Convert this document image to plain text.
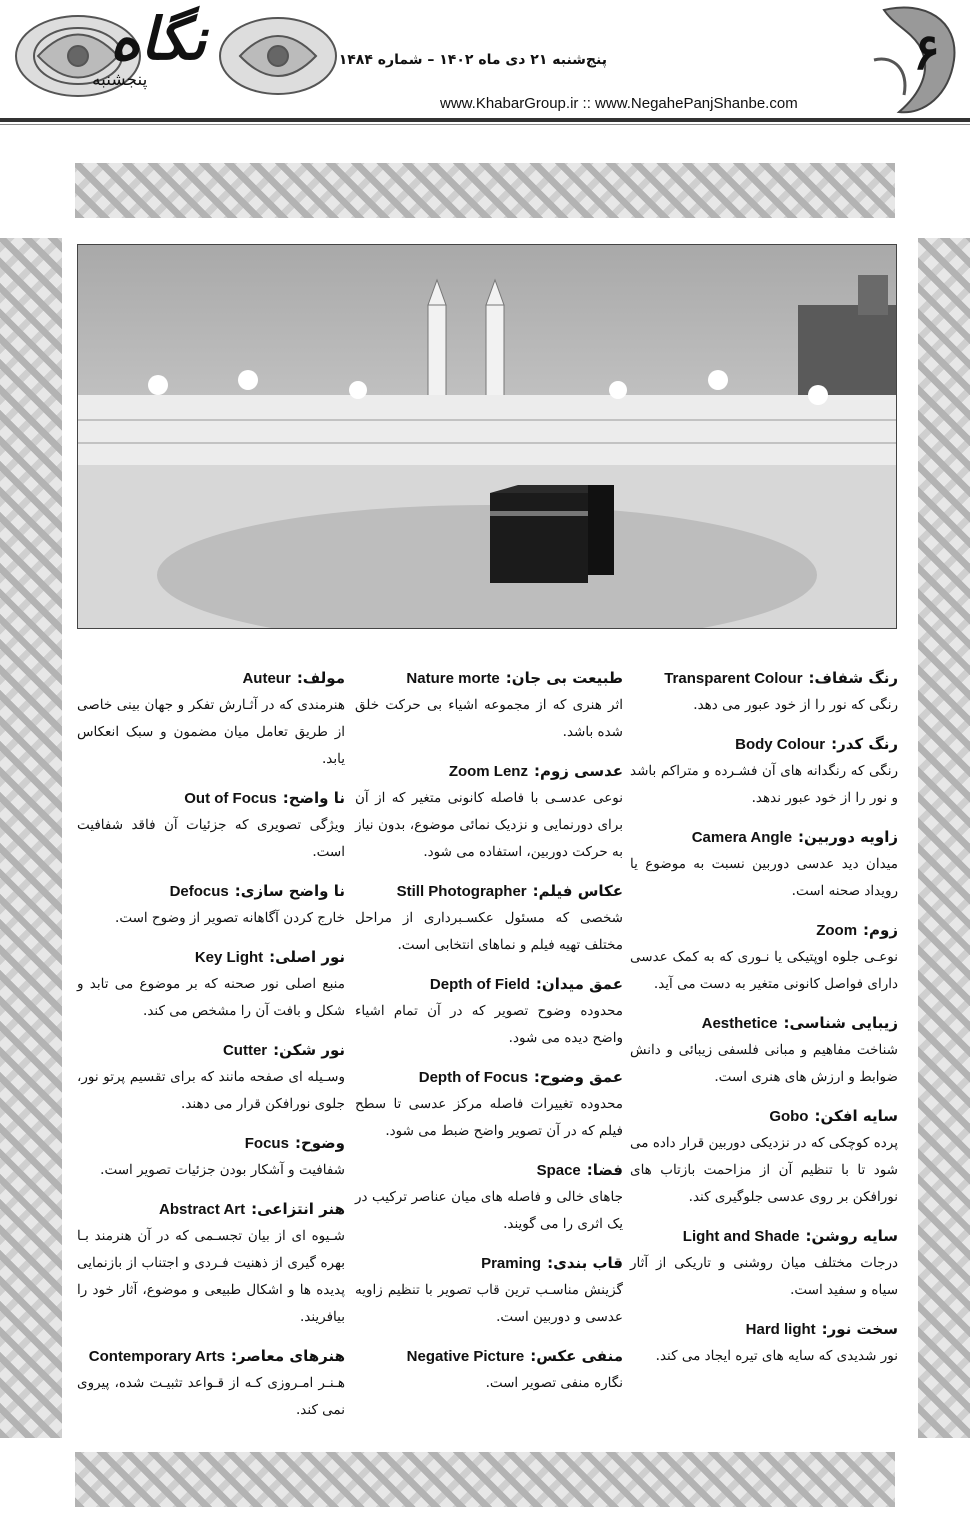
نگاه
پنجشنبه
پنج‌شنبه ۲۱ دی ماه ۱۴۰۲ – شماره ۱۴۸۴
www.KhabarGroup.ir :: www.NegahePanjShanbe.com
۶
رنگ شفاف:Transparent Colour
رنگی که نور را از خود عبور می دهد.
رنگ کدر:Body Colour
رنگی که رنگدانه های آن فشـرده و متراکم باشد و نور را از خود عبور ندهد.
زاویه دوربین:Camera Angle
میدان دید عدسی دوربین نسبت به موضوع یا رویداد صحنه است.
زوم:Zoom
نوعـی جلوه اوپتیکی یا نـوری که به کمک عدسی دارای فواصل کانونی متغیر به دست می آید.
زیبایی شناسی:Aesthetice
شناخت مفاهیم و مبانی فلسفی زیبائی و دانش ضوابط و ارزش های هنری است.
سایه افکن:Gobo
پرده کوچکی که در نزدیکی دوربین قرار داده می شود تا با تنظیم آن از مزاحمت بازتاب های نورافکن بر روی عدسی جلوگیری کند.
سایه روشن:Light and Shade
درجات مختلف میان روشنی و تاریکی از آثار سیاه و سفید است.
سخت نور:Hard light
نور شدیدی که سایه های تیره ایجاد می کند.
طبیعت بی جان:Nature morte
اثر هنری که از مجموعه اشیاء بی حرکت خلق شده باشد.
عدسی زوم:Zoom Lenz
نوعی عدسـی با فاصله کانونی متغیر که از آن برای دورنمایی و نزدیک نمائی موضوع، بدون نیاز به حرکت دوربین، استفاده می شود.
عکاس فیلم:Still Photographer
شخصی که مسئول عکسـبرداری از مراحل مختلف تهیه فیلم و نماهای انتخابی است.
عمق میدان:Depth of Field
محدوده وضوح تصویر که در آن تمام اشیاء واضح دیده می شود.
عمق وضوح:Depth of Focus
محدوده تغییرات فاصله مرکز عدسی تا سطح فیلم که در آن تصویر واضح ضبط می شود.
فضا:Space
جاهای خالی و فاصله های میان عناصر ترکیب در یک اثری را می گویند.
قاب بندی:Praming
گزینش مناسـب ترین قاب تصویر با تنظیم زاویه عدسی و دوربین است.
منفی عکس:Negative Picture
نگاره منفی تصویر است.
مولف:Auteur
هنرمندی که در آثـارش تفکر و جهان بینی خاصی از طریق تعامل میان مضمون و سبک انعکاس یابد.
نا واضح:Out of Focus
ویژگی تصویری که جزئیات آن فاقد شفافیت است.
نا واضح سازی:Defocus
خارج کردن آگاهانه تصویر از وضوح است.
نور اصلی:Key Light
منبع اصلی نور صحنه که بر موضوع می تابد و شکل و بافت آن را مشخص می کند.
نور شکن:Cutter
وسـیله ای صفحه مانند که برای تقسیم پرتو نور، جلوی نورافکن قرار می دهند.
وضوح:Focus
شفافیت و آشکار بودن جزئیات تصویر است.
هنر انتزاعی:Abstract Art
شـیوه ای از بیان تجسـمی که در آن هنرمند بـا بهره گیری از ذهنیت فـردی و اجتناب از بازنمایی پدیده ها و اشکال طبیعی و موضوع، آثار خود را بیافریند.
هنرهای معاصر:Contemporary Arts
هـنـر امـروزی کـه از قـواعد تثبیـت شده، پیروی نمی کند.
